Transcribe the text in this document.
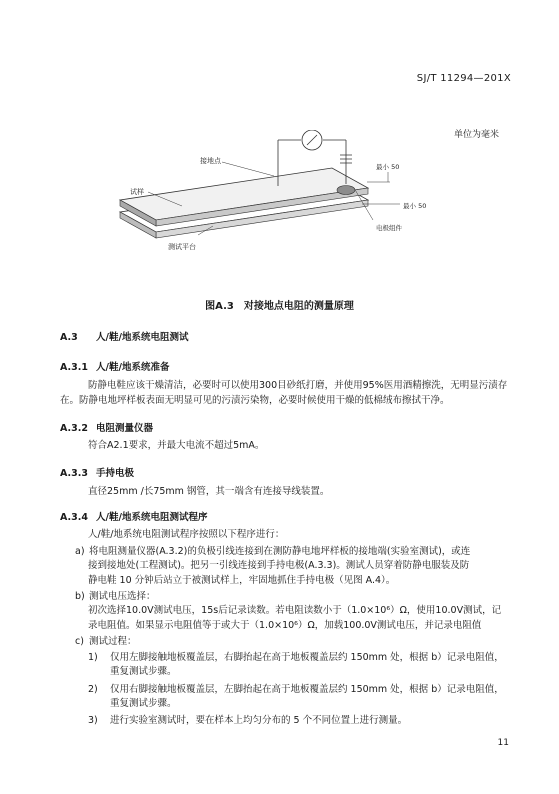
SJ/T 11294—201X
单位为毫米
接地点
试样
最小 50
最小 50
电极组件
测试平台
图A.3　对接地点电阻的测量原理
A.3 人/鞋/地系统电阻测试
A.3.1 人/鞋/地系统准备
防静电鞋应该干燥清洁，必要时可以使用300目砂纸打磨，并使用95%医用酒精擦洗，无明显污渍存
在。防静电地坪样板表面无明显可见的污渍污染物，必要时候使用干燥的低棉绒布擦拭干净。
A.3.2 电阻测量仪器
符合A2.1要求，并最大电流不超过5mA。
A.3.3 手持电极
直径25mm /长75mm 钢管，其一端含有连接导线装置。
A.3.4 人/鞋/地系统电阻测试程序
人/鞋/地系统电阻测试程序按照以下程序进行：
a) 将电阻测量仪器(A.3.2)的负极引线连接到在测防静电地坪样板的接地端(实验室测试)，或连
接到接地处(工程测试)。把另一引线连接到手持电极(A.3.3)。测试人员穿着防静电服装及防
静电鞋 10 分钟后站立于被测试样上，牢固地抓住手持电极（见图 A.4）。
b) 测试电压选择：
初次选择10.0V测试电压，15s后记录读数。若电阻读数小于（1.0×10⁶）Ω，使用10.0V测试，记
录电阻值。如果显示电阻值等于或大于（1.0×10⁶）Ω，加载100.0V测试电压，并记录电阻值
c) 测试过程：
1) 仅用左脚接触地板覆盖层，右脚抬起在高于地板覆盖层约 150mm 处，根据 b）记录电阻值，
重复测试步骤。
2) 仅用右脚接触地板覆盖层，左脚抬起在高于地板覆盖层约 150mm 处，根据 b）记录电阻值，
重复测试步骤。
3) 进行实验室测试时，要在样本上均匀分布的 5 个不同位置上进行测量。
11
